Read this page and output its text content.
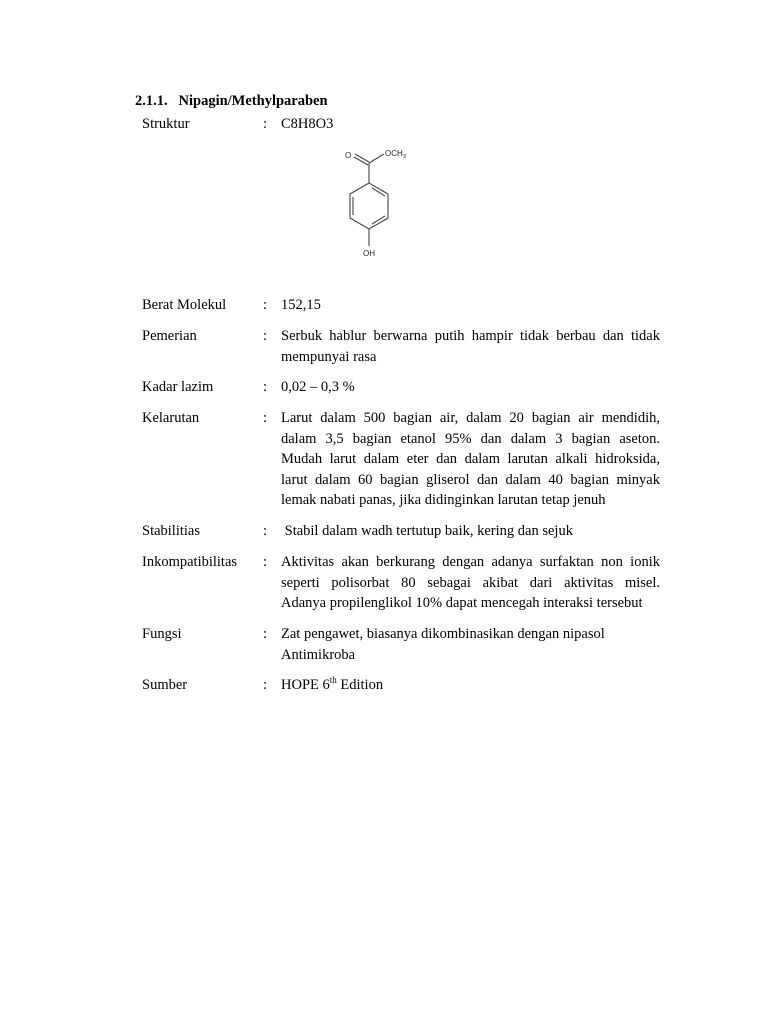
2.1.1. Nipagin/Methylparaben
Struktur	: C8H8O3
O	OCH 3
OH
Berat Molekul	: 152,15
Pemerian	: Serbuk hablur berwarna putih hampir tidak berbau dan tidak
mempunyai rasa
Kadar lazim	: 0,02 – 0,3 %
Kelarutan	: Larut dalam 500 bagian air, dalam 20 bagian air mendidih,
dalam 3,5 bagian etanol 95% dan dalam 3 bagian aseton.
Mudah larut dalam eter dan dalam larutan alkali hidroksida,
larut dalam 60 bagian gliserol dan dalam 40 bagian minyak
lemak nabati panas, jika didinginkan larutan tetap jenuh
Stabilitias	: Stabil dalam wadh tertutup baik, kering dan sejuk
Inkompatibilitas	: Aktivitas akan berkurang dengan adanya surfaktan non ionik
seperti polisorbat 80 sebagai akibat dari aktivitas misel.
Adanya propilenglikol 10% dapat mencegah interaksi tersebut
Fungsi	: Zat pengawet, biasanya dikombinasikan dengan nipasol
Antimikroba
Sumber	: HOPE 6th Edition
